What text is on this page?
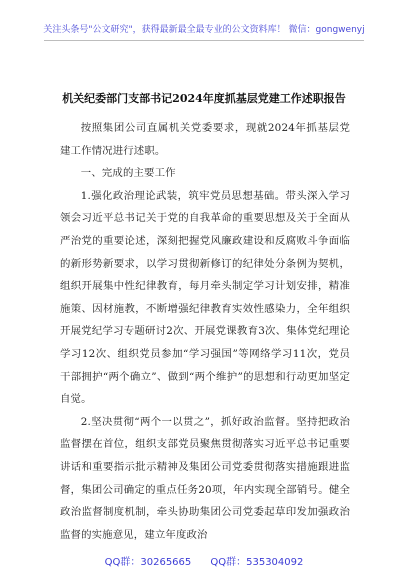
关注头条号"公文研究"，获得最新最全最专业的公文资料库！ 微信：gongwenyj
机关纪委部门支部书记2024年度抓基层党建工作述职报告

按照集团公司直属机关党委要求，现就2024年抓基层党建工作情况进行述职。

一、完成的主要工作

1.强化政治理论武装，筑牢党员思想基础。带头深入学习领会习近平总书记关于党的自我革命的重要思想及关于全面从严治党的重要论述，深刻把握党风廉政建设和反腐败斗争面临的新形势新要求，以学习贯彻新修订的纪律处分条例为契机，组织开展集中性纪律教育，每月牵头制定学习计划安排，精准施策、因材施教，不断增强纪律教育实效性感染力，全年组织开展党纪学习专题研讨2次、开展党课教育3次、集体党纪理论学习12次、组织党员参加“学习强国”等网络学习11次，党员干部拥护“两个确立”、做到“两个维护”的思想和行动更加坚定自觉。

2.坚决贯彻“两个一以贯之”，抓好政治监督。坚持把政治监督摆在首位，组织支部党员聚焦贯彻落实习近平总书记重要讲话和重要指示批示精神及集团公司党委贯彻落实措施跟进监督，集团公司确定的重点任务20项，年内实现全部销号。健全政治监督制度机制，牵头协助集团公司党委起草印发加强政治监督的实施意见，建立年度政治

QQ群：30265665 QQ群：535304092
